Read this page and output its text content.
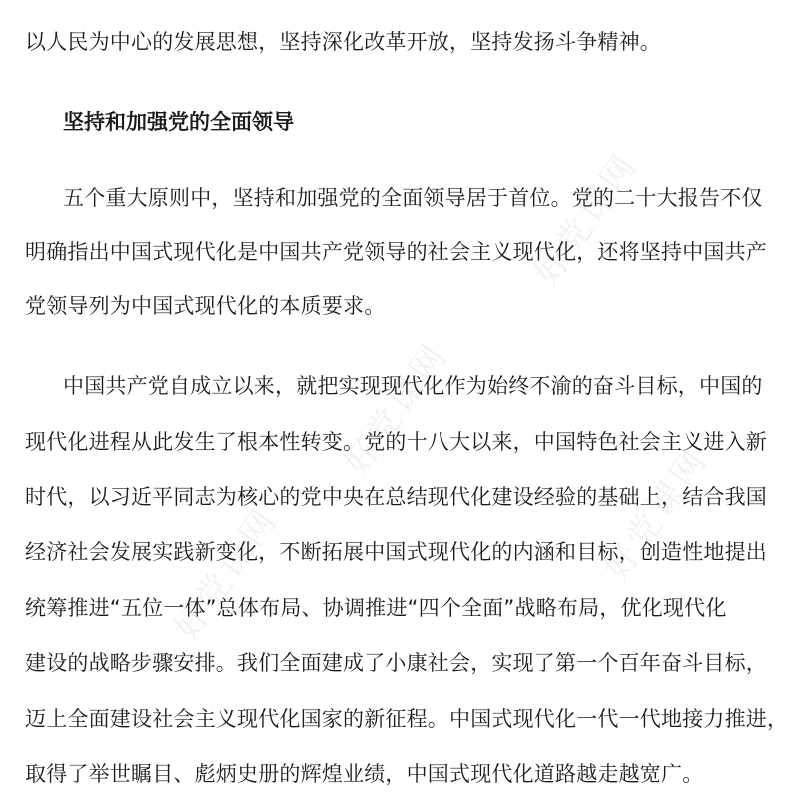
好党课网
好党课网
好党课网	好党课网
以人民为中心的发展思想，坚持深化改革开放，坚持发扬斗争精神。
坚持和加强党的全面领导
五个重大原则中，坚持和加强党的全面领导居于首位。党的二十大报告不仅
明确指出中国式现代化是中国共产党领导的社会主义现代化，还将坚持中国共产
党领导列为中国式现代化的本质要求。
中国共产党自成立以来，就把实现现代化作为始终不渝的奋斗目标，中国的
现代化进程从此发生了根本性转变。党的十八大以来，中国特色社会主义进入新
时代，以习近平同志为核心的党中央在总结现代化建设经验的基础上，结合我国
经济社会发展实践新变化，不断拓展中国式现代化的内涵和目标，创造性地提出
统筹推进“五位一体”总体布局、协调推进“四个全面”战略布局，优化现代化
建设的战略步骤安排。我们全面建成了小康社会，实现了第一个百年奋斗目标，
迈上全面建设社会主义现代化国家的新征程。中国式现代化一代一代地接力推进，
取得了举世瞩目、彪炳史册的辉煌业绩，中国式现代化道路越走越宽广。
